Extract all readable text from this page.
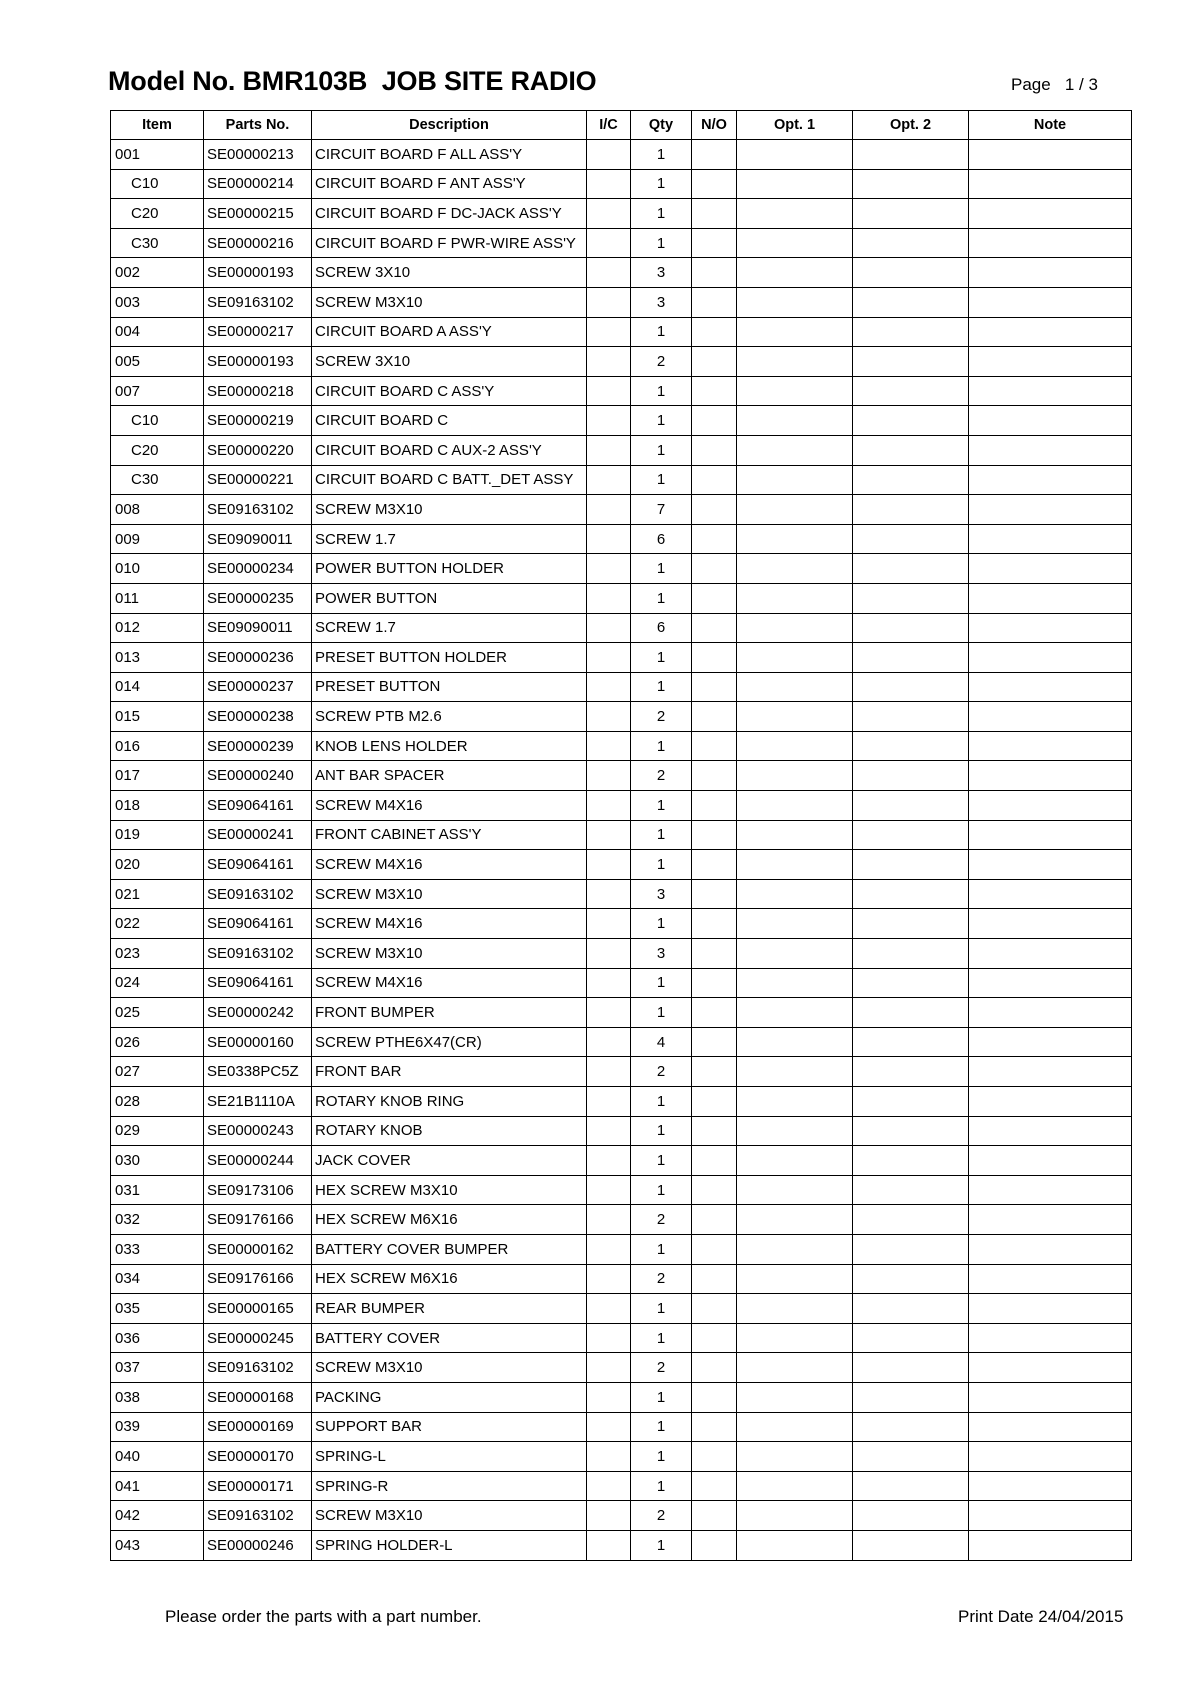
Model No. BMR103B  JOB SITE RADIO	Page   1 / 3
Item	Parts No.	Description	I/C	Qty	N/O	Opt. 1	Opt. 2	Note
001	SE00000213	CIRCUIT BOARD F ALL ASS'Y		1				
C10	SE00000214	CIRCUIT BOARD F ANT ASS'Y		1				
C20	SE00000215	CIRCUIT BOARD F DC-JACK ASS'Y		1				
C30	SE00000216	CIRCUIT BOARD F PWR-WIRE ASS'Y		1				
002	SE00000193	SCREW 3X10		3				
003	SE09163102	SCREW M3X10		3				
004	SE00000217	CIRCUIT BOARD A ASS'Y		1				
005	SE00000193	SCREW 3X10		2				
007	SE00000218	CIRCUIT BOARD C ASS'Y		1				
C10	SE00000219	CIRCUIT BOARD C		1				
C20	SE00000220	CIRCUIT BOARD C AUX-2 ASS'Y		1				
C30	SE00000221	CIRCUIT BOARD C BATT._DET ASSY		1				
008	SE09163102	SCREW M3X10		7				
009	SE09090011	SCREW 1.7		6				
010	SE00000234	POWER BUTTON HOLDER		1				
011	SE00000235	POWER BUTTON		1				
012	SE09090011	SCREW 1.7		6				
013	SE00000236	PRESET BUTTON HOLDER		1				
014	SE00000237	PRESET BUTTON		1				
015	SE00000238	SCREW PTB M2.6		2				
016	SE00000239	KNOB LENS HOLDER		1				
017	SE00000240	ANT BAR SPACER		2				
018	SE09064161	SCREW M4X16		1				
019	SE00000241	FRONT CABINET ASS'Y		1				
020	SE09064161	SCREW M4X16		1				
021	SE09163102	SCREW M3X10		3				
022	SE09064161	SCREW M4X16		1				
023	SE09163102	SCREW M3X10		3				
024	SE09064161	SCREW M4X16		1				
025	SE00000242	FRONT BUMPER		1				
026	SE00000160	SCREW PTHE6X47(CR)		4				
027	SE0338PC5Z	FRONT BAR		2				
028	SE21B1110A	ROTARY KNOB RING		1				
029	SE00000243	ROTARY KNOB		1				
030	SE00000244	JACK COVER		1				
031	SE09173106	HEX SCREW M3X10		1				
032	SE09176166	HEX SCREW M6X16		2				
033	SE00000162	BATTERY COVER BUMPER		1				
034	SE09176166	HEX SCREW M6X16		2				
035	SE00000165	REAR BUMPER		1				
036	SE00000245	BATTERY COVER		1				
037	SE09163102	SCREW M3X10		2				
038	SE00000168	PACKING		1				
039	SE00000169	SUPPORT BAR		1				
040	SE00000170	SPRING-L		1				
041	SE00000171	SPRING-R		1				
042	SE09163102	SCREW M3X10		2				
043	SE00000246	SPRING HOLDER-L		1				
Please order the parts with a part number.	Print Date 24/04/2015
